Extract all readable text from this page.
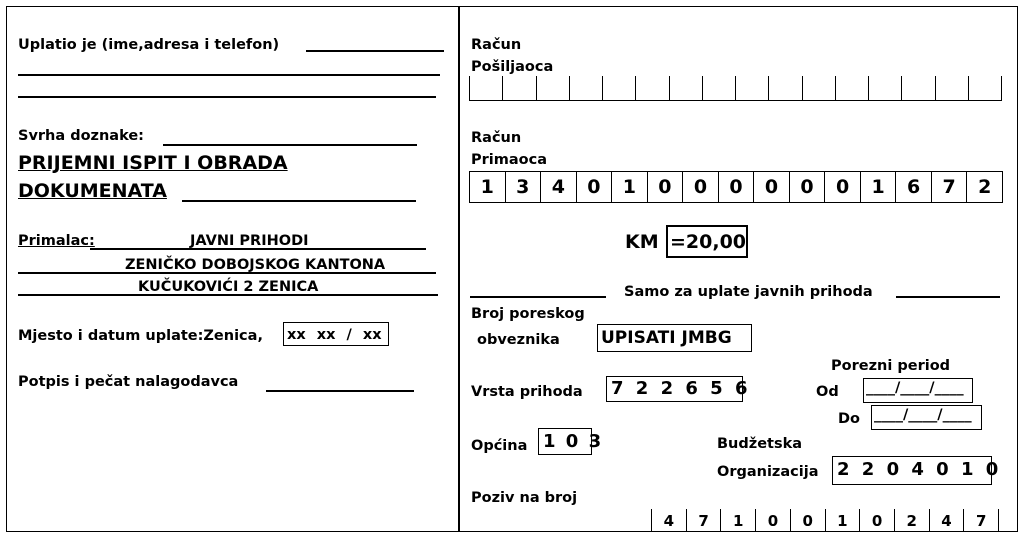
Uplatio je (ime,adresa i telefon)
Svrha doznake:
PRIJEMNI ISPIT I OBRADA
DOKUMENATA
Primalac:	JAVNI PRIHODI
ZENIČKO DOBOJSKOG KANTONA
KUČUKOVIĆI 2 ZENICA
Mjesto i datum uplate:Zenica, xx xx / xx
Potpis i pečat nalagodavca
Račun
Pošiljaoca
Račun
Primaoca
1	3	4	0	1	0	0	0	0	0	0	1	6	7	2
KM =20,00
Samo za uplate javnih prihoda
Broj poreskog
obveznika UPISATI JMBG
Porezni period
Od ____/____/____
Do ____/____/____
Vrsta prihoda 7 2 2 6 5 6
Budžetska
Općina 1 0 3
Organizacija 2 2 0 4 0 1 0
Poziv na broj
4	7	1	0	0	1	0	2	4	7
